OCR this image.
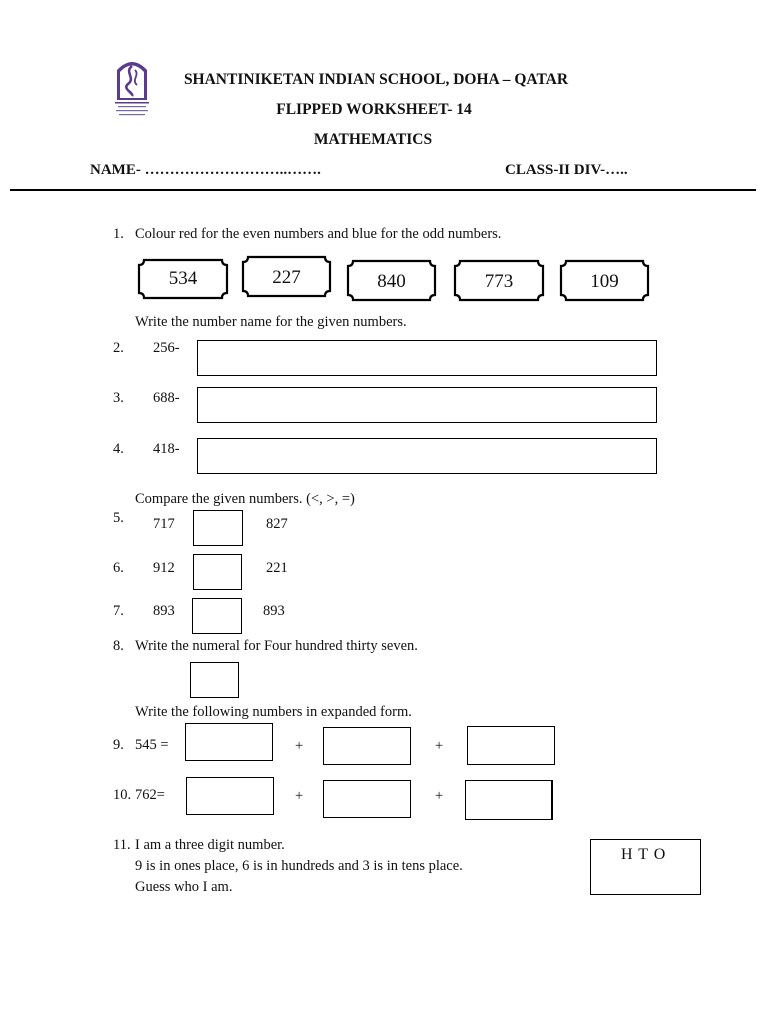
SHANTINIKETAN INDIAN SCHOOL, DOHA – QATAR
FLIPPED WORKSHEET- 14
MATHEMATICS
NAME- ………………………..…….	CLASS-II DIV-…..
1. Colour red for the even numbers and blue for the odd numbers.
534	227	840	773	109
Write the number name for the given numbers.
2. 256-
3. 688-
4. 418-
Compare the given numbers. (<, >, =)
5. 717	827
6. 912	221
7. 893	893
8. Write the numeral for Four hundred thirty seven.
Write the following numbers in expanded form.
9. 545 =	+	+
10. 762=	+	+
11. I am a three digit number.
9 is in ones place, 6 is in hundreds and 3 is in tens place.
Guess who I am.
H T O
